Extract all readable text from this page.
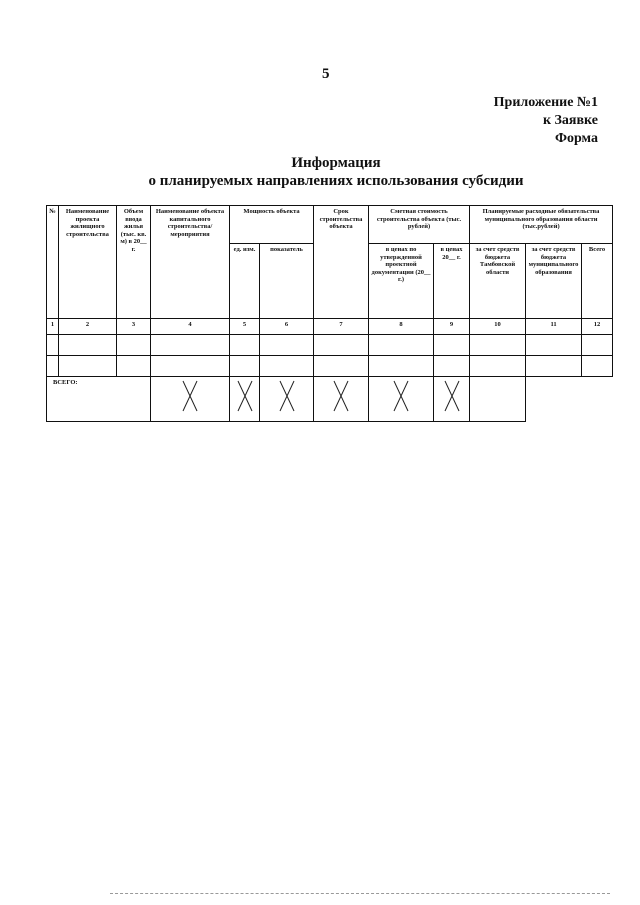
5
Приложение №1
к Заявке
Форма
Информация
о планируемых направлениях использования субсидии
№	Наименование проекта жилищного строительства	Объем ввода жилья (тыс. кв. м) в 20__ г.	Наименование объекта капитального строительства/мероприятия	Мощность объекта		Срок строительства объекта	Сметная стоимость строительства объекта (тыс. рублей)		Планируемые расходные обязательства муниципального образования области (тыс.рублей)		
				ед. изм.	показатель		в ценах по утвержденной проектной документации (20__ г.)	в ценах 20__ г.	за счет средств бюджета Тамбовской области	за счет средств бюджета муниципального образования	Всего
1	2	3	4	5	6	7	8	9	10	11	12

ВСЕГО:	
